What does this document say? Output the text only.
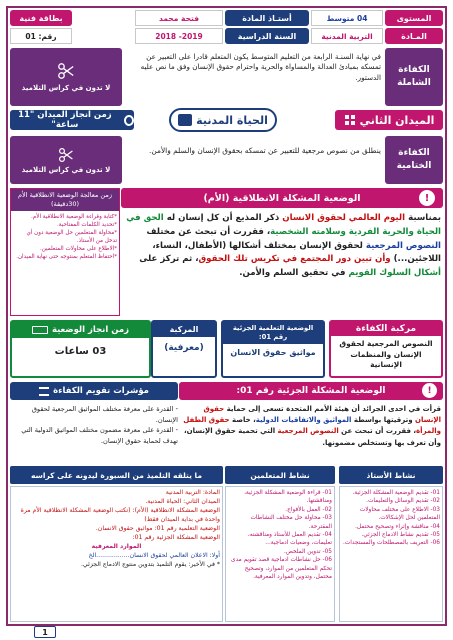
المستوى
04 متوسط
أستـاذ المادة
فتحة محمد
بطاقة فنية
المـادة
التربية المدنية
السنة الدراسية
2018 -2019
رقم:

01
الكفاءة الشاملة
في نهاية السنـة الرابعة من التعليم المتوسط يكون المتعلم قادرا على التعبير عن تمسكه بمبادئ العدالة والمساواة والحرية واحترام حقوق الإنسان وفق ما نص عليه الدستور.
لا تدون في كراس التلاميذ
الميدان الثاني
الحياة المدنية
زمن انجاز الميدان "11 ساعة"
الكفاءة الختامية
ينطلق من نصوص مرجعية للتعبير عن تمسكه بحقوق الإنسان والسلم والأمن.
لا تدون في كراس التلاميذ
الوضعية المشكلة الانطلاقية (الأم)	!
بمناسبة اليوم العالمي لحقوق الانسان ذكر المذيع أن كل إنسان له الحق في الحياة والحرية الفردية وسلامته الشخصية، فقررت أن تبحث عن مختلف النصوص المرجعية لحقوق الإنسان بمختلف أشكالها (الأطفال، النساء، اللاجئين...) وأن تبين دور المجتمع في تكريس تلك الحقوق، ثم تركز على أشكال السلوك القويم في تحقيق السلم والأمن.
زمن معالجة الوضعية الانطلاقية الأم (30دقيقة)
*كتابة وقراءة الوضعية الانطلاقية الأم.
*تحديد الكلمات المفتاحية.
*محاولة المتعلمين حل الوضعية دون أي تدخل من الأستاذ.
*الاطلاع على محاولات المتعلمين.
*احتفاظ المتعلم بمنتوجه حتى نهاية الميدان.
مركبة الكفاءة
النصوص المرجعية لحقوق الإنسان والمنظمات الإنسانية
الوضعية التعلمية الجزئية رقم 01:
مواثيق حقوق الانسان
المركبة
(معرفية)
زمن انجاز الوضعية
03 ساعات
الوضعية المشكلة الجزئية رقم 01:	!
قرأت في احدى الجرائد أن هيئة الأمم المتحدة تسعى إلى حماية حقوق الإنسان وترقيتها بواسطة المواثيق والاتفاقيات الدولية، خاصة حقوق الطفل والمرأة، فقررت أن تبحث عن النصوص المرجعية التي تحمية حقوق الإنسان، وأن تعرف بها وتستخلص مضمونها.
مؤشرات تقويم الكفاءة
- القدرة على معرفة مختلف المواثيق المرجعية لحقوق الإنسان.
- القدرة على معرفة مضمون مختلف المواثيق الدولية التي تهدف لحماية حقوق الإنسان.
نشاط الأستاذ
نشاط المتعلمين
ما يتلقه التلميذ من السبورة ليدونه على كراسه
01- تقديم الوضعية المشكلة الجزئية.
02- تقديم الوسائل والتعليمات.
03- الاطلاع على مختلف محاولات المتعلمين لحل الإشكالات.
04- مناقشة وإثراء وتصحيح محتمل.
05- تقديم نشاط الادماج الجزئي.
06- التعريف بالمصطلحات والمستجدات.
01- قراءة الوضعية المشكلة الجزئية، ومناقشتها.
02- العمل بالأفواج.
03- محاولة حل مختلف النشاطات المقترحة.
04- تقديم العمل للأستاذ ومناقشته، تعليمات، وضعيات ادماجية...
05- تدوين الملخص.
06- حل نشاطات ادماجية قصد تقويم مدى تحكم المتعلمين من الموارد، وتصحيح محتمل، وتدوين الموارد المعرفية.
المادة: التربية المدنية
الميدان الثاني: الحياة المدنية.
الوضعية المشكلة الانطلاقية (الأم): (تكتب الوضعية المشكلة الانطلاقية الأم مرة واحدة في بداية الميدان فقط)
الوضعية التعلمية رقم 01: مواثيق حقوق الانسان.
الوضعية المشكلة الجزئية رقم 01:
الموارد المعرفية
أولا: الاعلان العالمي لحقوق الانسان.................الخ
* في الأخير: يقوم التلميذ بتدوين منتوج الادماج الجزئي.
1
